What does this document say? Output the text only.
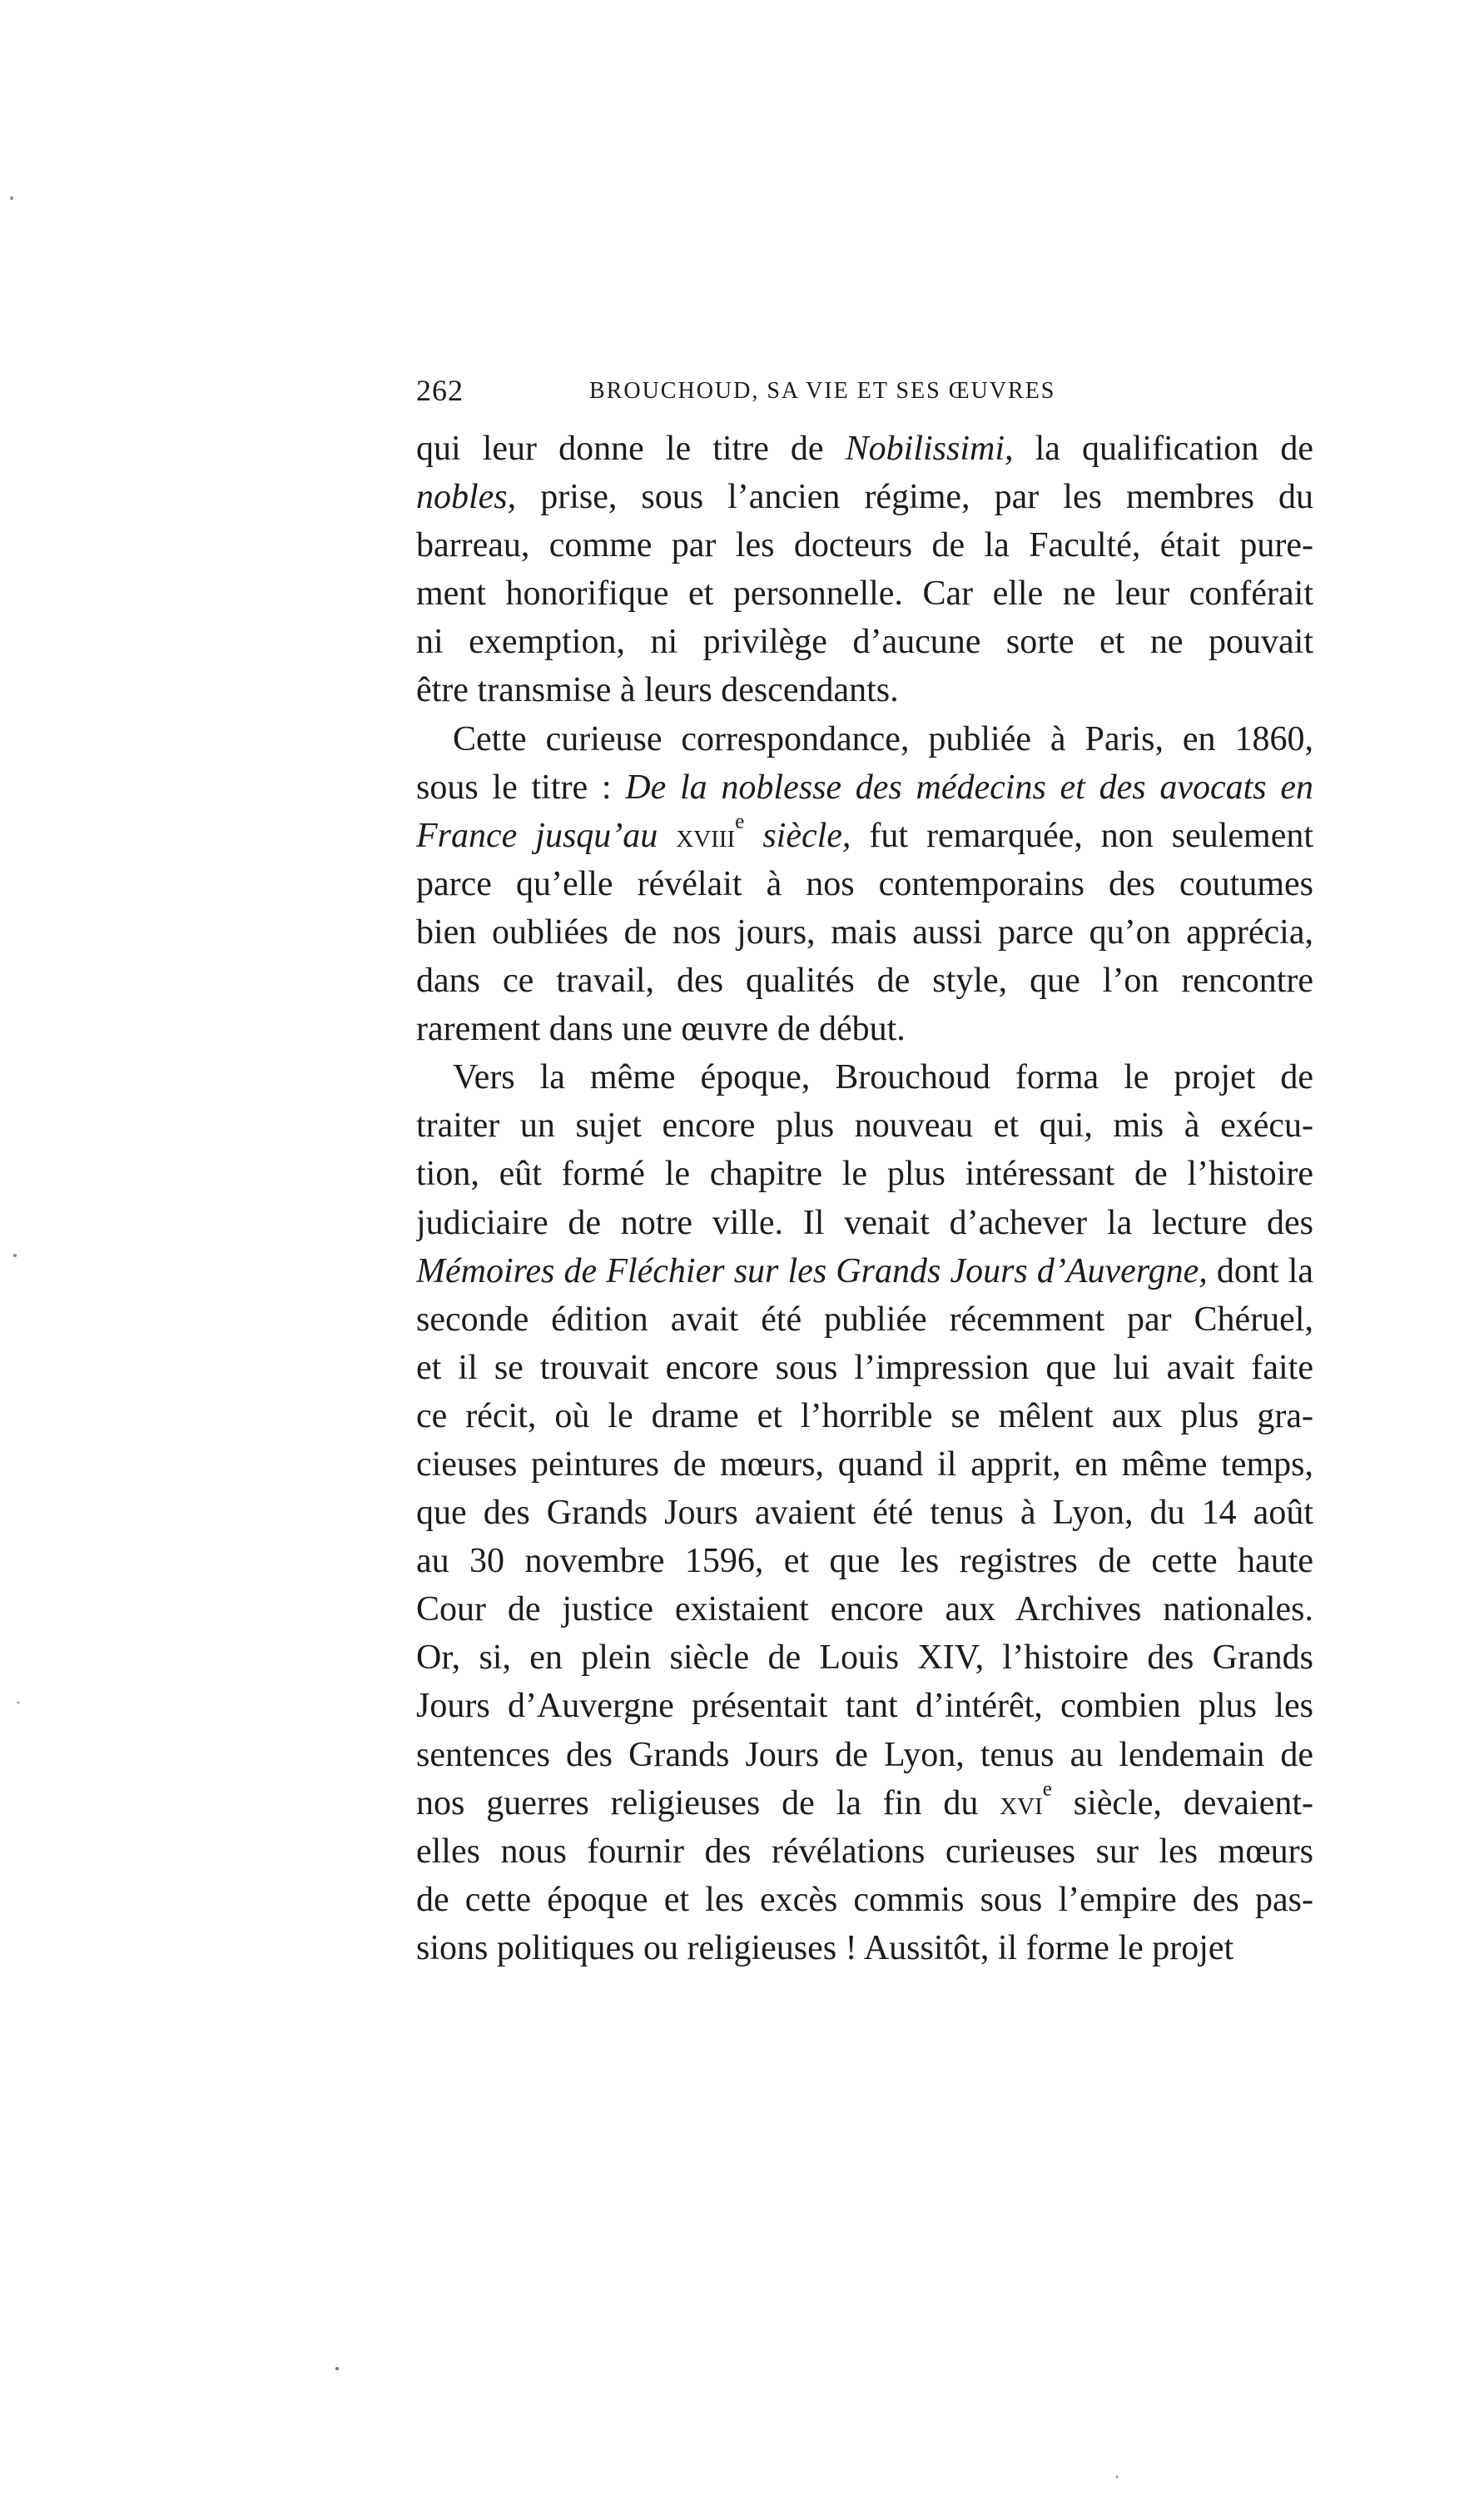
262	BROUCHOUD, SA VIE ET SES ŒUVRES
qui leur donne le titre de Nobilissimi, la qualification de
nobles, prise, sous l’ancien régime, par les membres du
barreau, comme par les docteurs de la Faculté, était pure-
ment honorifique et personnelle. Car elle ne leur conférait
ni exemption, ni privilège d’aucune sorte et ne pouvait
être transmise à leurs descendants.
Cette curieuse correspondance, publiée à Paris, en 1860,
sous le titre : De la noblesse des médecins et des avocats en
France jusqu’au xviii$^e$ siècle, fut remarquée, non seulement
parce qu’elle révélait à nos contemporains des coutumes
bien oubliées de nos jours, mais aussi parce qu’on apprécia,
dans ce travail, des qualités de style, que l’on rencontre
rarement dans une œuvre de début.
Vers la même époque, Brouchoud forma le projet de
traiter un sujet encore plus nouveau et qui, mis à exécu-
tion, eût formé le chapitre le plus intéressant de l’histoire
judiciaire de notre ville. Il venait d’achever la lecture des
Mémoires de Fléchier sur les Grands Jours d’Auvergne, dont la
seconde édition avait été publiée récemment par Chéruel,
et il se trouvait encore sous l’impression que lui avait faite
ce récit, où le drame et l’horrible se mêlent aux plus gra-
cieuses peintures de mœurs, quand il apprit, en même temps,
que des Grands Jours avaient été tenus à Lyon, du 14 août
au 30 novembre 1596, et que les registres de cette haute
Cour de justice existaient encore aux Archives nationales.
Or, si, en plein siècle de Louis XIV, l’histoire des Grands
Jours d’Auvergne présentait tant d’intérêt, combien plus les
sentences des Grands Jours de Lyon, tenus au lendemain de
nos guerres religieuses de la fin du xvi$^e$ siècle, devaient-
elles nous fournir des révélations curieuses sur les mœurs
de cette époque et les excès commis sous l’empire des pas-
sions politiques ou religieuses ! Aussitôt, il forme le projet
